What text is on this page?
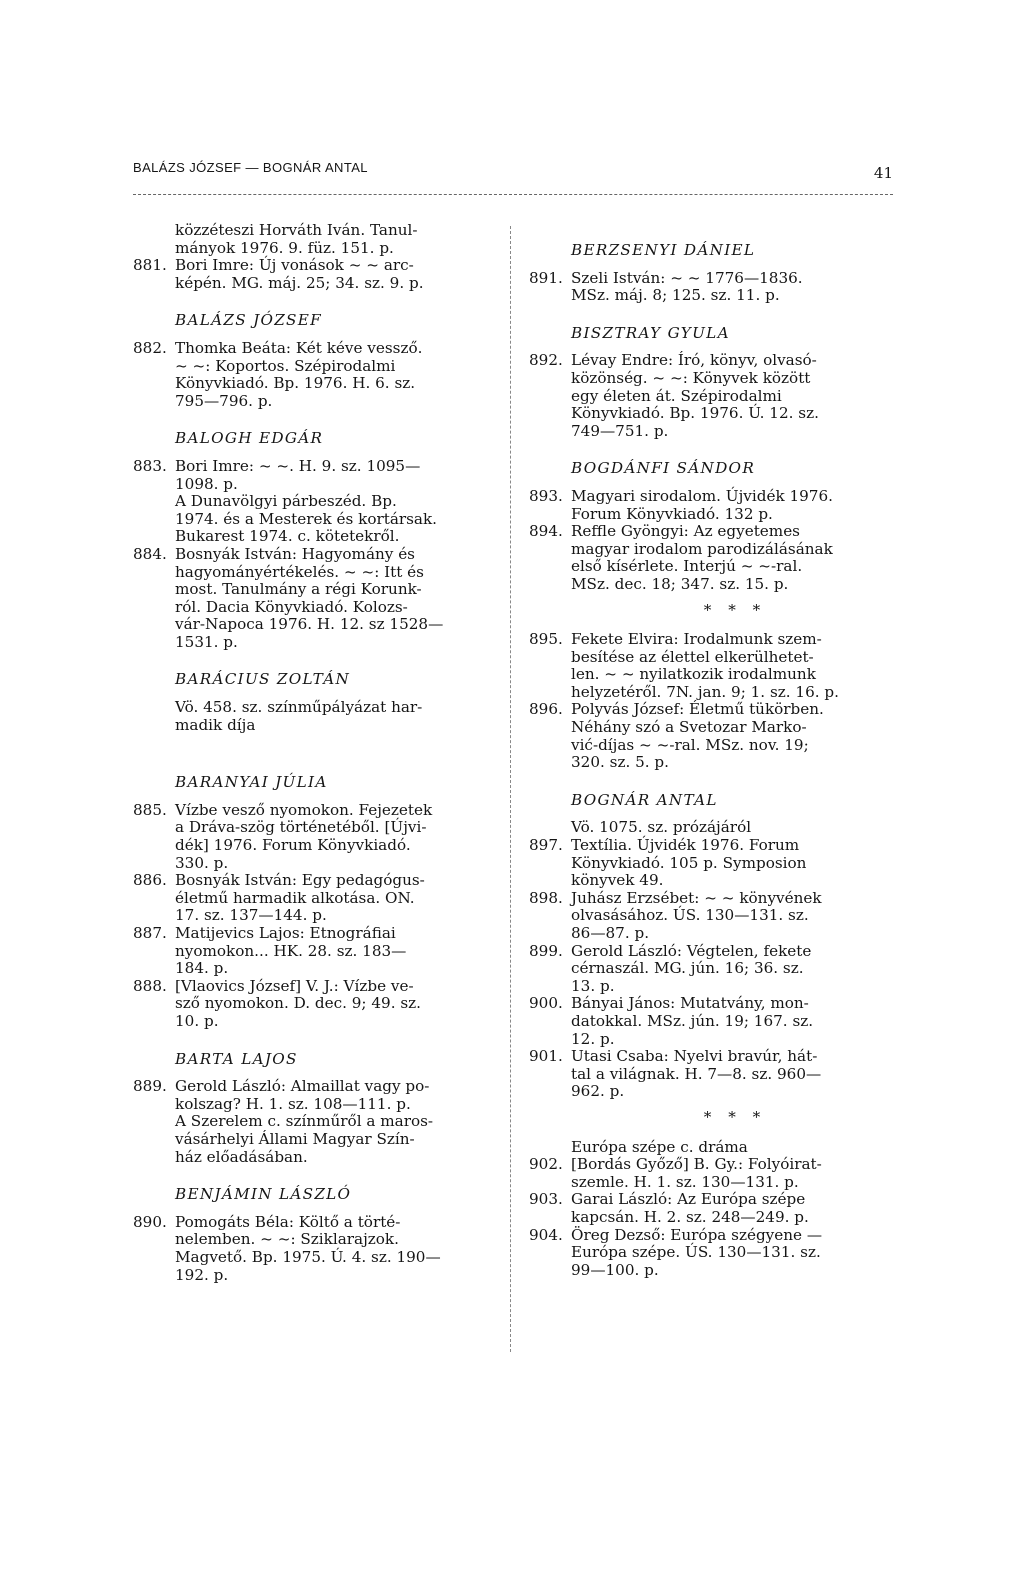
BALÁZS JÓZSEF — BOGNÁR ANTAL	41
közzéteszi Horváth Iván. Tanul-
mányok 1976. 9. füz. 151. p.
881. Bori Imre: Új vonások ~ ~ arc-
képén. MG. máj. 25; 34. sz. 9. p.
BALÁZS JÓZSEF
882. Thomka Beáta: Két kéve vessző.
~ ~: Koportos. Szépirodalmi
Könyvkiadó. Bp. 1976. H. 6. sz.
795—796. p.
BALOGH EDGÁR
883. Bori Imre: ~ ~. H. 9. sz. 1095—
1098. p.
A Dunavölgyi párbeszéd. Bp.
1974. és a Mesterek és kortársak.
Bukarest 1974. c. kötetekről.
884. Bosnyák István: Hagyomány és
hagyományértékelés. ~ ~: Itt és
most. Tanulmány a régi Korunk-
ról. Dacia Könyvkiadó. Kolozs-
vár-Napoca 1976. H. 12. sz 1528—
1531. p.
BARÁCIUS ZOLTÁN
Vö. 458. sz. színműpályázat har-
madik díja
BARANYAI JÚLIA
885. Vízbe vesző nyomokon. Fejezetek
a Dráva-szög történetéből. [Újvi-
dék] 1976. Forum Könyvkiadó.
330. p.
886. Bosnyák István: Egy pedagógus-
életmű harmadik alkotása. ON.
17. sz. 137—144. p.
887. Matijevics Lajos: Etnográfiai
nyomokon... HK. 28. sz. 183—
184. p.
888. [Vlaovics József] V. J.: Vízbe ve-
sző nyomokon. D. dec. 9; 49. sz.
10. p.
BARTA LAJOS
889. Gerold László: Almaillat vagy po-
kolszag? H. 1. sz. 108—111. p.
A Szerelem c. színműről a maros-
vásárhelyi Állami Magyar Szín-
ház előadásában.
BENJÁMIN LÁSZLÓ
890. Pomogáts Béla: Költő a törté-
nelemben. ~ ~: Sziklarajzok.
Magvető. Bp. 1975. Ú. 4. sz. 190—
192. p.
BERZSENYI DÁNIEL
891. Szeli István: ~ ~ 1776—1836.
MSz. máj. 8; 125. sz. 11. p.
BISZTRAY GYULA
892. Lévay Endre: Író, könyv, olvasó-
közönség. ~ ~: Könyvek között
egy életen át. Szépirodalmi
Könyvkiadó. Bp. 1976. Ú. 12. sz.
749—751. p.
BOGDÁNFI SÁNDOR
893. Magyari sirodalom. Újvidék 1976.
Forum Könyvkiadó. 132 p.
894. Reffle Gyöngyi: Az egyetemes
magyar irodalom parodizálásának
első kísérlete. Interjú ~ ~-ral.
MSz. dec. 18; 347. sz. 15. p.
* * *
895. Fekete Elvira: Irodalmunk szem-
besítése az élettel elkerülhetet-
len. ~ ~ nyilatkozik irodalmunk
helyzetéről. 7N. jan. 9; 1. sz. 16. p.
896. Polyvás József: Életmű tükörben.
Néhány szó a Svetozar Marko-
vić-díjas ~ ~-ral. MSz. nov. 19;
320. sz. 5. p.
BOGNÁR ANTAL
Vö. 1075. sz. prózájáról
897. Textília. Újvidék 1976. Forum
Könyvkiadó. 105 p. Symposion
könyvek 49.
898. Juhász Erzsébet: ~ ~ könyvének
olvasásához. ÚS. 130—131. sz.
86—87. p.
899. Gerold László: Végtelen, fekete
cérnaszál. MG. jún. 16; 36. sz.
13. p.
900. Bányai János: Mutatvány, mon-
datokkal. MSz. jún. 19; 167. sz.
12. p.
901. Utasi Csaba: Nyelvi bravúr, hát-
tal a világnak. H. 7—8. sz. 960—
962. p.
* * *
Európa szépe c. dráma
902. [Bordás Győző] B. Gy.: Folyóirat-
szemle. H. 1. sz. 130—131. p.
903. Garai László: Az Európa szépe
kapcsán. H. 2. sz. 248—249. p.
904. Öreg Dezső: Európa szégyene —
Európa szépe. ÚS. 130—131. sz.
99—100. p.
